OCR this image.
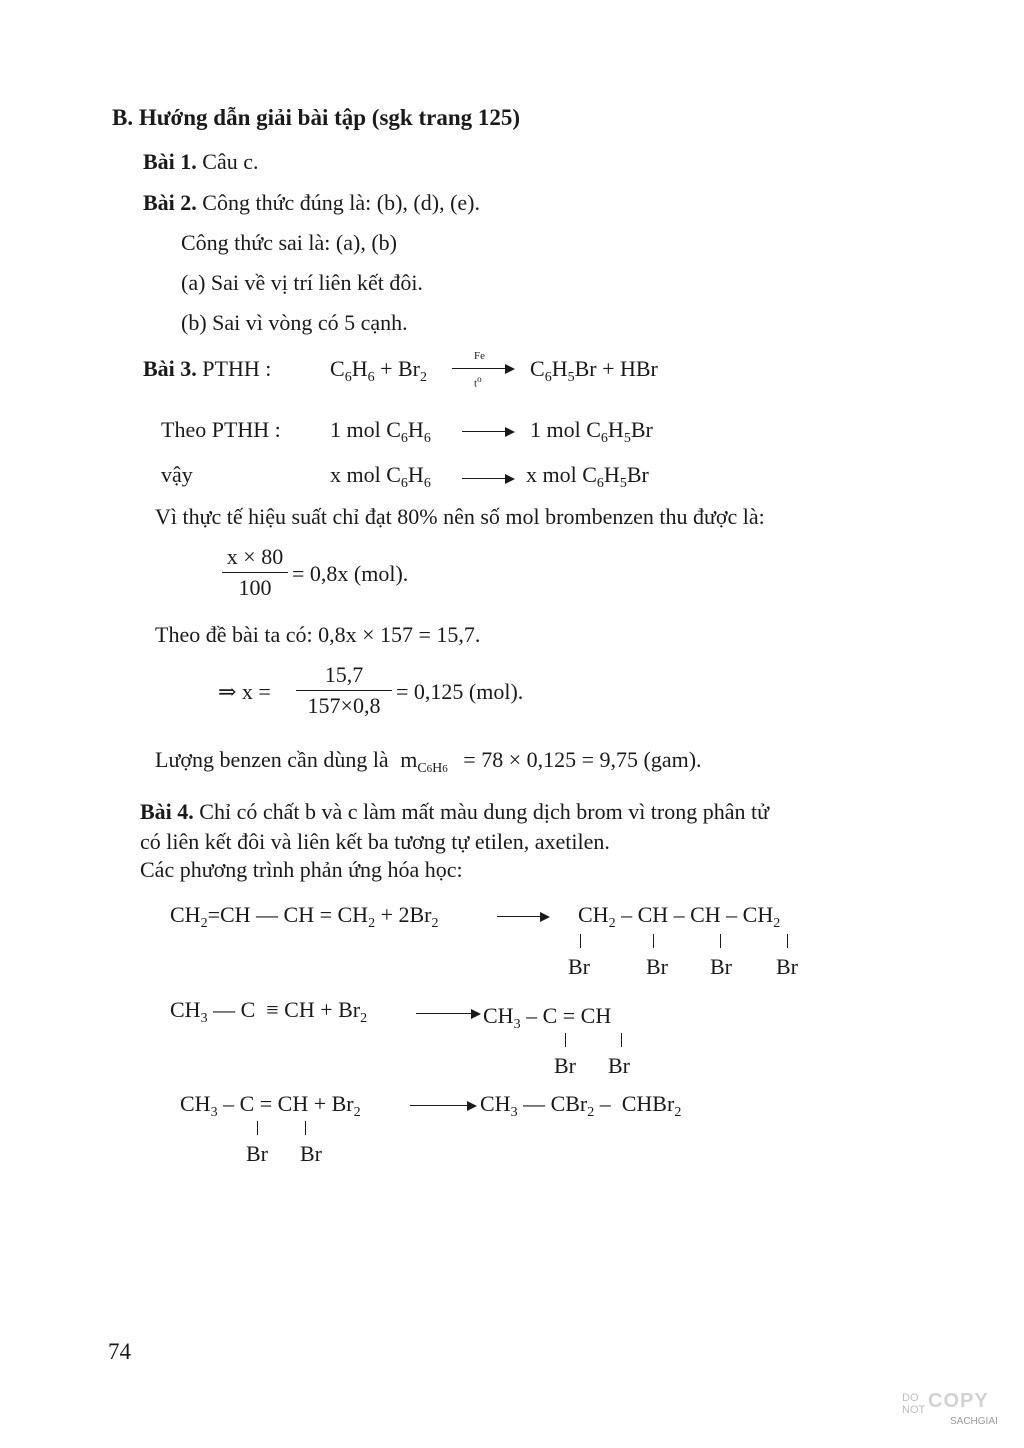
B. Hướng dẫn giải bài tập (sgk trang 125)
Bài 1. Câu c.
Bài 2. Công thức đúng là: (b), (d), (e).
Công thức sai là: (a), (b)
(a) Sai về vị trí liên kết đôi.
(b) Sai vì vòng có 5 cạnh.
Bài 3. PTHH :	$C_6H_6 + Br_2$
Fe
$t^o$ $C_6H_5Br$ + HBr
Theo PTHH : 1 mol $C_6H_6$	1 mol $C_6H_5Br$
vậy	x mol $C_6H_6$	x mol $C_6H_5Br$
Vì thực tế hiệu suất chỉ đạt 80% nên số mol brombenzen thu được là:
x × 80
100
= 0,8x (mol).
Theo đề bài ta có: 0,8x × 157 = 15,7.
⇒ x =
15,7
157×0,8
= 0,125 (mol).
Lượng benzen cần dùng là $m_{C6H6} = 78 \times 0,125 = 9,75$ (gam).
Bài 4. Chỉ có chất b và c làm mất màu dung dịch brom vì trong phân tử
có liên kết đôi và liên kết ba tương tự etilen, axetilen.
Các phương trình phản ứng hóa học:
$CH_2=CH$ — CH = $CH_2 + 2Br_2$	$CH_2$ – CH – CH – $CH_2$
Br	Br Br Br
$CH_3$ — C  ≡ CH + $Br_2$	$CH_3$ – C = CH
Br Br
$CH_3$ – C = CH + $Br_2$	$CH_3$ — CBr$_2$ –  CHBr$_2$
Br Br
74
DO
NOT COPY
SACHGIAI
